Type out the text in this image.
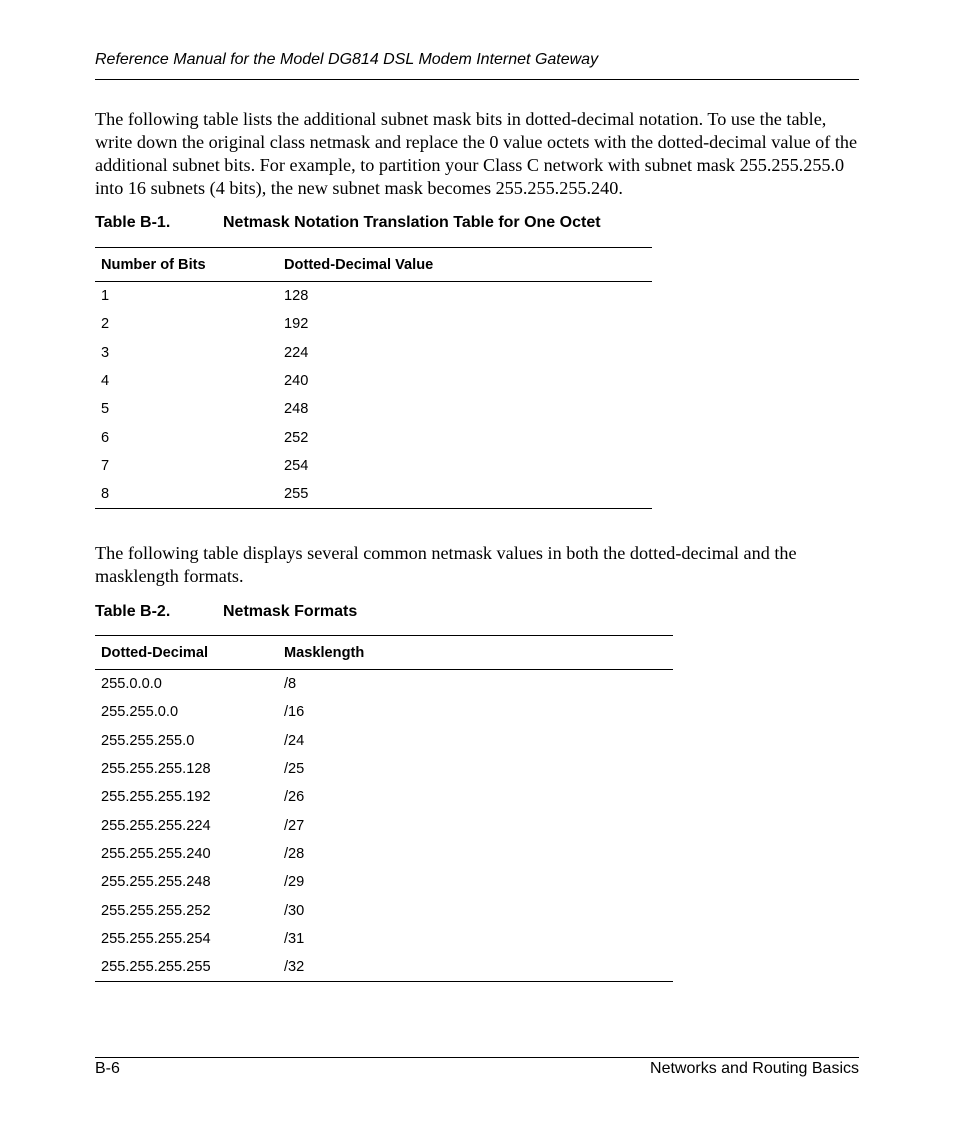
Reference Manual for the Model DG814 DSL Modem Internet Gateway

The following table lists the additional subnet mask bits in dotted-decimal notation. To use the table, write down the original class netmask and replace the 0 value octets with the dotted-decimal value of the additional subnet bits. For example, to partition your Class C network with subnet mask 255.255.255.0 into 16 subnets (4 bits), the new subnet mask becomes 255.255.255.240.

Table B-1.	Netmask Notation Translation Table for One Octet
Number of Bits	Dotted-Decimal Value
1	128
2	192
3	224
4	240
5	248
6	252
7	254
8	255

The following table displays several common netmask values in both the dotted-decimal and the masklength formats.

Table B-2.	Netmask Formats
Dotted-Decimal	Masklength
255.0.0.0	/8
255.255.0.0	/16
255.255.255.0	/24
255.255.255.128	/25
255.255.255.192	/26
255.255.255.224	/27
255.255.255.240	/28
255.255.255.248	/29
255.255.255.252	/30
255.255.255.254	/31
255.255.255.255	/32
B-6	Networks and Routing Basics
